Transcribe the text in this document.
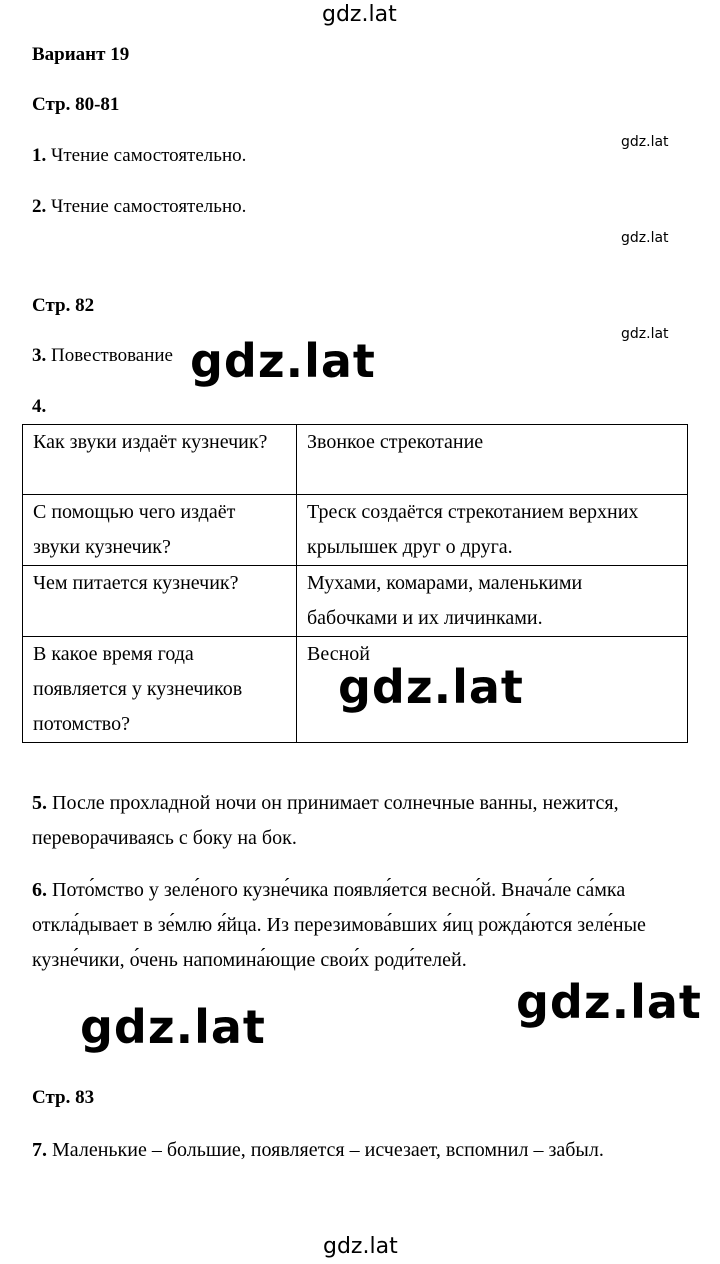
gdz.lat
gdz.lat
gdz.lat
gdz.lat
Вариант 19
Стр. 80-81
1. Чтение самостоятельно.
2. Чтение самостоятельно.
Стр. 82
3. Повествование gdz.lat
4.
Как звуки издаёт кузнечик?	Звонкое стрекотание
С помощью чего издаёт звуки кузнечик?	Треск создаётся стрекотанием верхних крылышек друг о друга.
Чем питается кузнечик?	Мухами, комарами, маленькими бабочками и их личинками.
В какое время года появляется у кузнечиков потомство?	Весной
gdz.lat
5. После прохладной ночи он принимает солнечные ванны, нежится, переворачиваясь с боку на бок.
6. Пото́мство у зеле́ного кузне́чика появля́ется весно́й. Внача́ле са́мка откла́дывает в зе́млю я́йца. Из перезимова́вших я́иц рожда́ются зеле́ные кузне́чики, о́чень напомина́ющие свои́х роди́телей.
gdz.lat
gdz.lat
Стр. 83
7. Маленькие – большие, появляется – исчезает, вспомнил – забыл.
gdz.lat
